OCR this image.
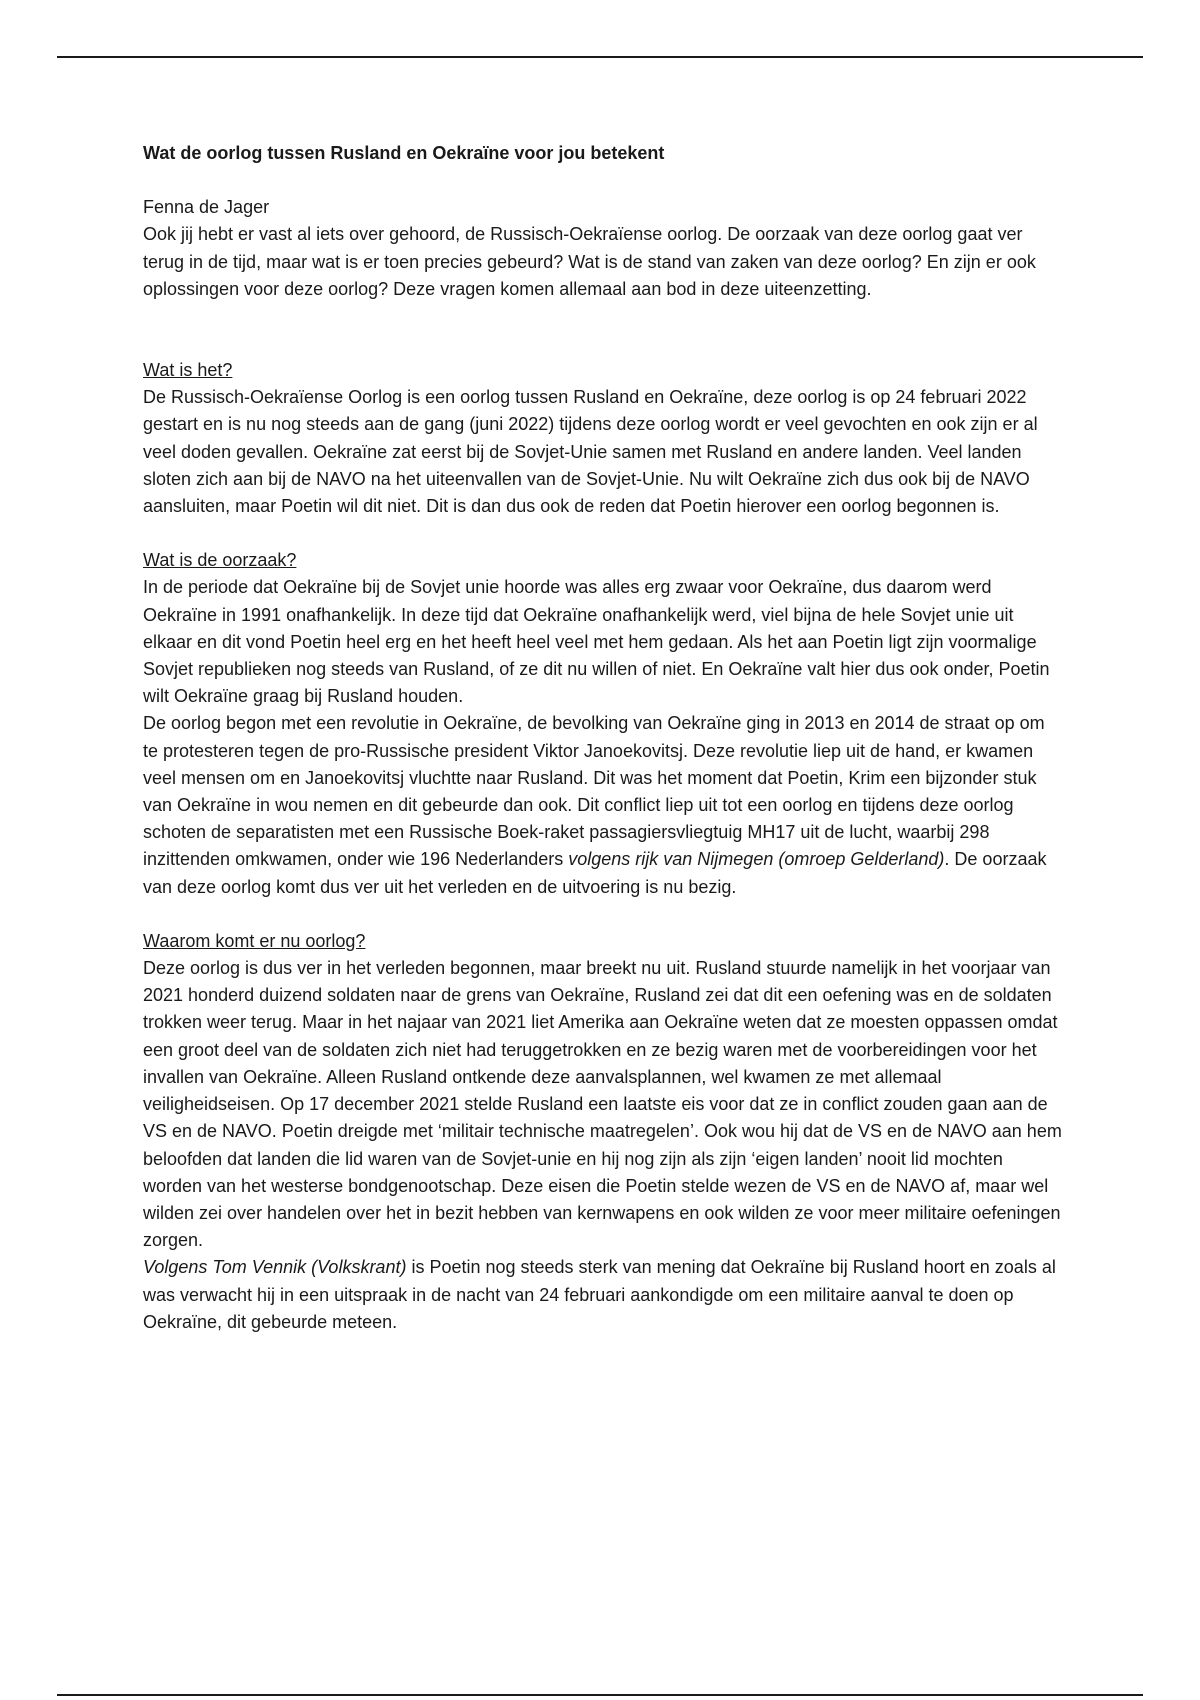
Wat de oorlog tussen Rusland en Oekraïne voor jou betekent

Fenna de Jager

Ook jij hebt er vast al iets over gehoord, de Russisch-Oekraïense oorlog. De oorzaak van deze oorlog gaat ver terug in de tijd, maar wat is er toen precies gebeurd? Wat is de stand van zaken van deze oorlog? En zijn er ook oplossingen voor deze oorlog? Deze vragen komen allemaal aan bod in deze uiteenzetting.

Wat is het?

De Russisch-Oekraïense Oorlog is een oorlog tussen Rusland en Oekraïne, deze oorlog is op 24 februari 2022 gestart en is nu nog steeds aan de gang (juni 2022) tijdens deze oorlog wordt er veel gevochten en ook zijn er al veel doden gevallen. Oekraïne zat eerst bij de Sovjet-Unie samen met Rusland en andere landen. Veel landen sloten zich aan bij de NAVO na het uiteenvallen van de Sovjet-Unie. Nu wilt Oekraïne zich dus ook bij de NAVO aansluiten, maar Poetin wil dit niet. Dit is dan dus ook de reden dat Poetin hierover een oorlog begonnen is.

Wat is de oorzaak?

In de periode dat Oekraïne bij de Sovjet unie hoorde was alles erg zwaar voor Oekraïne, dus daarom werd Oekraïne in 1991 onafhankelijk. In deze tijd dat Oekraïne onafhankelijk werd, viel bijna de hele Sovjet unie uit elkaar en dit vond Poetin heel erg en het heeft heel veel met hem gedaan. Als het aan Poetin ligt zijn voormalige Sovjet republieken nog steeds van Rusland, of ze dit nu willen of niet. En Oekraïne valt hier dus ook onder, Poetin wilt Oekraïne graag bij Rusland houden.

De oorlog begon met een revolutie in Oekraïne, de bevolking van Oekraïne ging in 2013 en 2014 de straat op om te protesteren tegen de pro-Russische president Viktor Janoekovitsj. Deze revolutie liep uit de hand, er kwamen veel mensen om en Janoekovitsj vluchtte naar Rusland. Dit was het moment dat Poetin, Krim een bijzonder stuk van Oekraïne in wou nemen en dit gebeurde dan ook. Dit conflict liep uit tot een oorlog en tijdens deze oorlog schoten de separatisten met een Russische Boek-raket passagiersvliegtuig MH17 uit de lucht, waarbij 298 inzittenden omkwamen, onder wie 196 Nederlanders volgens rijk van Nijmegen (omroep Gelderland). De oorzaak van deze oorlog komt dus ver uit het verleden en de uitvoering is nu bezig.

Waarom komt er nu oorlog?

Deze oorlog is dus ver in het verleden begonnen, maar breekt nu uit. Rusland stuurde namelijk in het voorjaar van 2021 honderd duizend soldaten naar de grens van Oekraïne, Rusland zei dat dit een oefening was en de soldaten trokken weer terug. Maar in het najaar van 2021 liet Amerika aan Oekraïne weten dat ze moesten oppassen omdat een groot deel van de soldaten zich niet had teruggetrokken en ze bezig waren met de voorbereidingen voor het invallen van Oekraïne. Alleen Rusland ontkende deze aanvalsplannen, wel kwamen ze met allemaal veiligheidseisen. Op 17 december 2021 stelde Rusland een laatste eis voor dat ze in conflict zouden gaan aan de VS en de NAVO. Poetin dreigde met ‘militair technische maatregelen’. Ook wou hij dat de VS en de NAVO aan hem beloofden dat landen die lid waren van de Sovjet-unie en hij nog zijn als zijn ‘eigen landen’ nooit lid mochten worden van het westerse bondgenootschap. Deze eisen die Poetin stelde wezen de VS en de NAVO af, maar wel wilden zei over handelen over het in bezit hebben van kernwapens en ook wilden ze voor meer militaire oefeningen zorgen.

Volgens Tom Vennik (Volkskrant) is Poetin nog steeds sterk van mening dat Oekraïne bij Rusland hoort en zoals al was verwacht hij in een uitspraak in de nacht van 24 februari aankondigde om een militaire aanval te doen op Oekraïne, dit gebeurde meteen.
